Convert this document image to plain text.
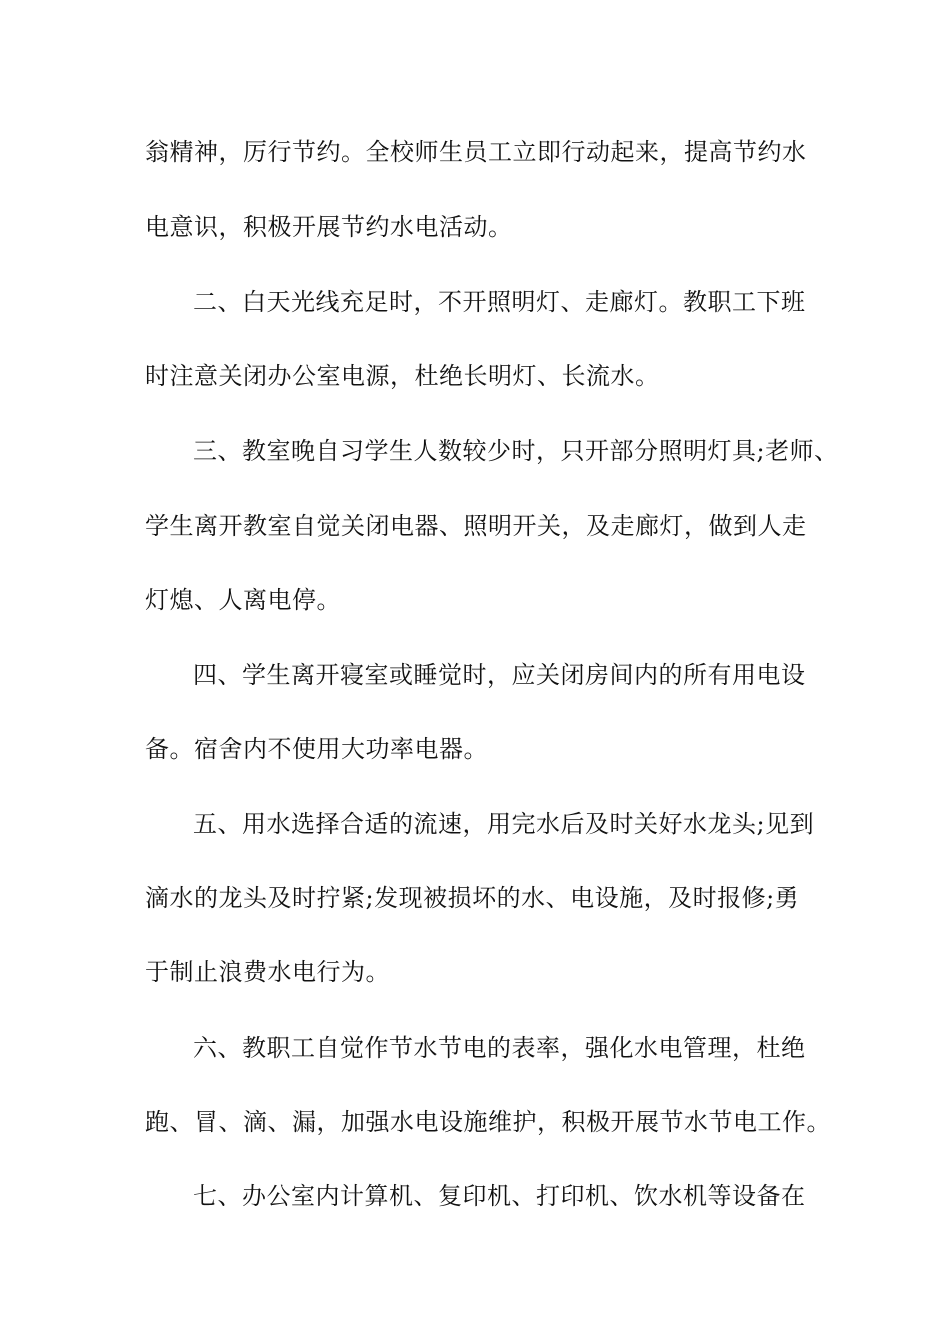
翁精神，厉行节约。全校师生员工立即行动起来，提高节约水
电意识，积极开展节约水电活动。
二、白天光线充足时，不开照明灯、走廊灯。教职工下班
时注意关闭办公室电源，杜绝长明灯、长流水。
三、教室晚自习学生人数较少时，只开部分照明灯具;老师、
学生离开教室自觉关闭电器、照明开关，及走廊灯，做到人走
灯熄、人离电停。
四、学生离开寝室或睡觉时，应关闭房间内的所有用电设
备。宿舍内不使用大功率电器。
五、用水选择合适的流速，用完水后及时关好水龙头;见到
滴水的龙头及时拧紧;发现被损坏的水、电设施，及时报修;勇
于制止浪费水电行为。
六、教职工自觉作节水节电的表率，强化水电管理，杜绝
跑、冒、滴、漏，加强水电设施维护，积极开展节水节电工作。
七、办公室内计算机、复印机、打印机、饮水机等设备在
